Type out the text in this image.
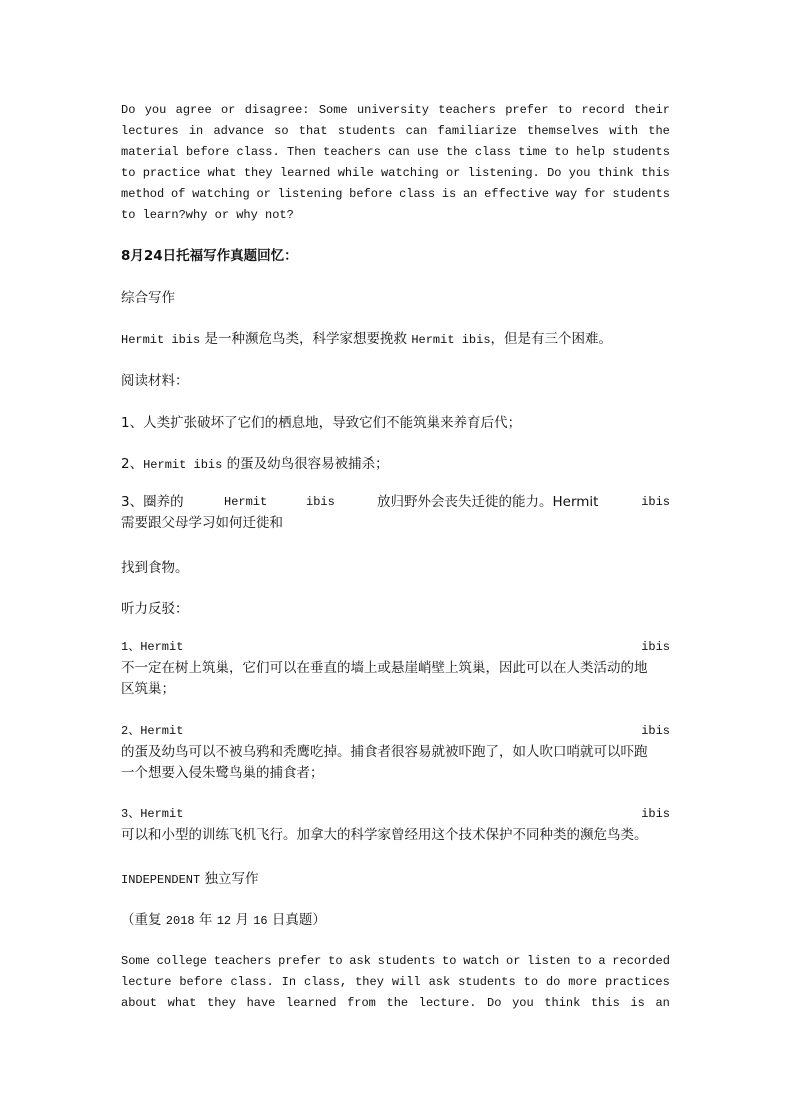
Do you agree or disagree: Some university teachers prefer to record their
lectures in advance so that students can familiarize themselves with the
material before class. Then teachers can use the class time to help students
to practice what they learned while watching or listening. Do you think this
method of watching or listening before class is an effective way for students
to learn?why or why not?

8月24日托福写作真题回忆：

综合写作

Hermit ibis 是一种濒危鸟类，科学家想要挽救 Hermit ibis，但是有三个困难。

阅读材料：

1、人类扩张破坏了它们的栖息地，导致它们不能筑巢来养育后代；

2、Hermit ibis 的蛋及幼鸟很容易被捕杀；

3、圈养的	Hermit	ibis	放归野外会丧失迁徙的能力。Hermit	ibis
需要跟父母学习如何迁徙和

找到食物。

听力反驳：

1、Hermit	ibis
不一定在树上筑巢，它们可以在垂直的墙上或悬崖峭壁上筑巢，因此可以在人类活动的地
区筑巢；
2、Hermit	ibis
的蛋及幼鸟可以不被乌鸦和秃鹰吃掉。捕食者很容易就被吓跑了，如人吹口哨就可以吓跑
一个想要入侵朱鹭鸟巢的捕食者；
3、Hermit	ibis
可以和小型的训练飞机飞行。加拿大的科学家曾经用这个技术保护不同种类的濒危鸟类。

INDEPENDENT 独立写作

（重复 2018 年 12 月 16 日真题）

Some college teachers prefer to ask students to watch or listen to a recorded
lecture before class. In class, they will ask students to do more practices
about what they have learned from the lecture. Do you think this is an
